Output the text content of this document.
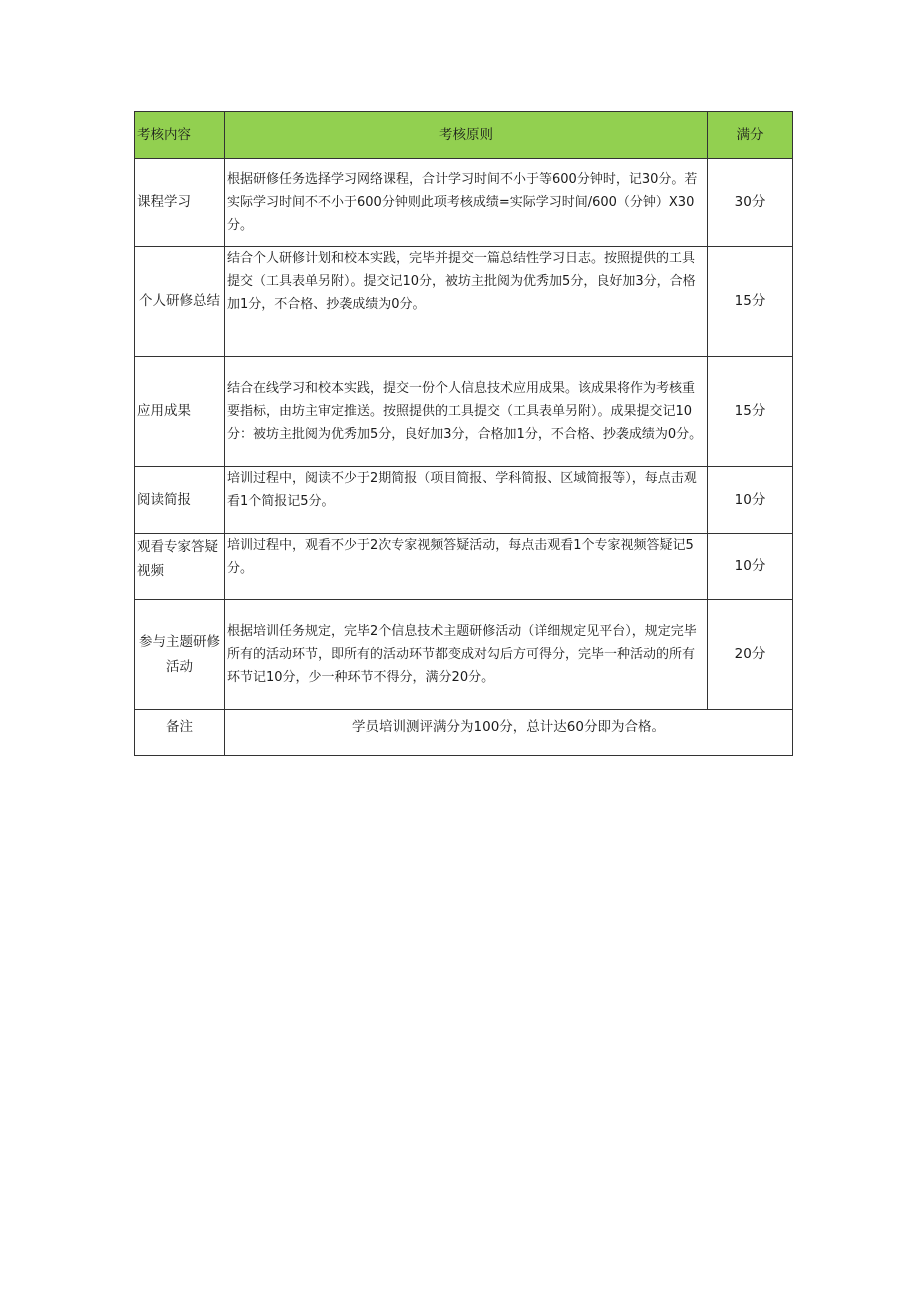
考核内容	考核原则	满分
课程学习	根据研修任务选择学习网络课程，合计学习时间不小于等600分钟时，记30分。若实际学习时间不不小于600分钟则此项考核成绩=实际学习时间/600（分钟）X30分。	30分
个人研修总结	结合个人研修计划和校本实践，完毕并提交一篇总结性学习日志。按照提供的工具提交（工具表单另附）。提交记10分，被坊主批阅为优秀加5分，良好加3分，合格加1分，不合格、抄袭成绩为0分。	15分
应用成果	结合在线学习和校本实践，提交一份个人信息技术应用成果。该成果将作为考核重要指标，由坊主审定推送。按照提供的工具提交（工具表单另附）。成果提交记10分：被坊主批阅为优秀加5分，良好加3分，合格加1分，不合格、抄袭成绩为0分。	15分
阅读简报	培训过程中，阅读不少于2期简报（项目简报、学科简报、区域简报等），每点击观看1个简报记5分。	10分
观看专家答疑视频	培训过程中，观看不少于2次专家视频答疑活动，每点击观看1个专家视频答疑记5分。	10分
参与主题研修活动	根据培训任务规定，完毕2个信息技术主题研修活动（详细规定见平台），规定完毕所有的活动环节，即所有的活动环节都变成对勾后方可得分，完毕一种活动的所有环节记10分，少一种环节不得分，满分20分。	20分
备注	学员培训测评满分为100分，总计达60分即为合格。	
